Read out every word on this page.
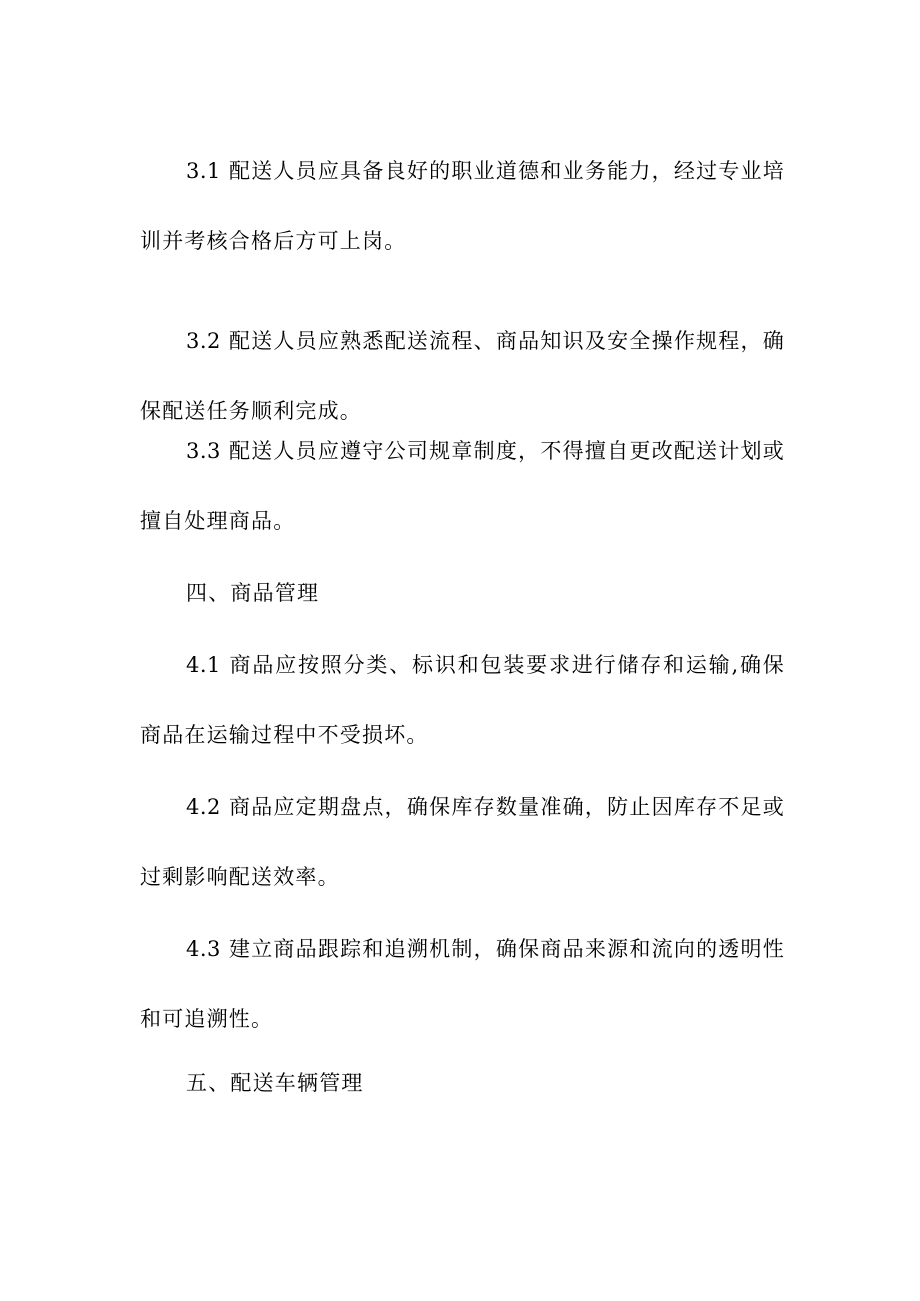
3.1 配送人员应具备良好的职业道德和业务能力，经过专业培训并考核合格后方可上岗。

3.2 配送人员应熟悉配送流程、商品知识及安全操作规程，确保配送任务顺利完成。

3.3 配送人员应遵守公司规章制度，不得擅自更改配送计划或擅自处理商品。

四、商品管理

4.1 商品应按照分类、标识和包装要求进行储存和运输,确保商品在运输过程中不受损坏。

4.2 商品应定期盘点，确保库存数量准确，防止因库存不足或过剩影响配送效率。

4.3 建立商品跟踪和追溯机制，确保商品来源和流向的透明性和可追溯性。

五、配送车辆管理
